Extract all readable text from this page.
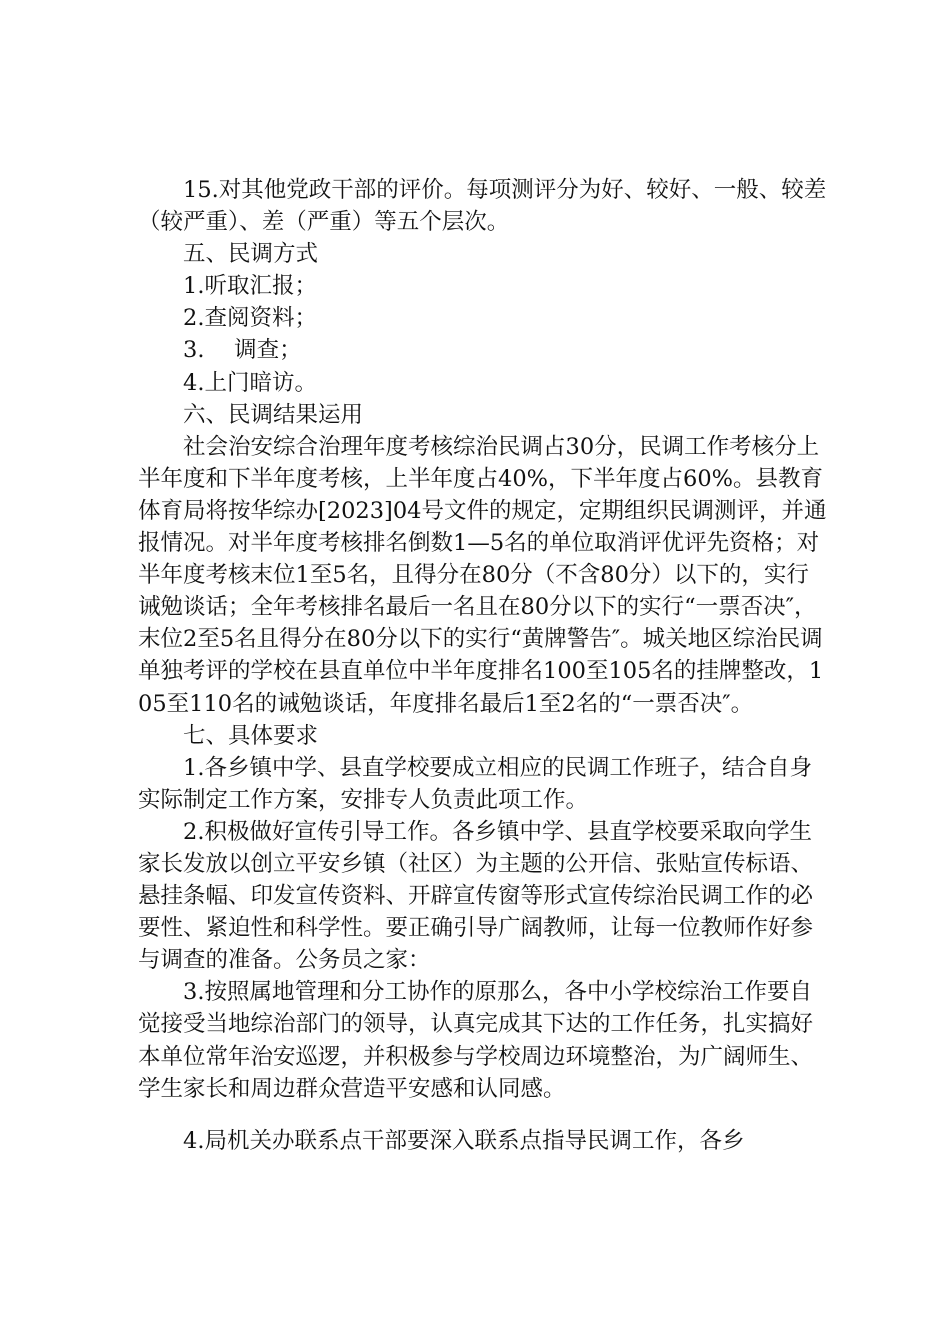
15.对其他党政干部的评价。每项测评分为好、较好、一般、较差（较严重）、差（严重）等五个层次。

五、民调方式

1.听取汇报；

2.查阅资料；

3.　 调查；

4.上门暗访。

六、民调结果运用

社会治安综合治理年度考核综治民调占30分，民调工作考核分上半年度和下半年度考核，上半年度占40%，下半年度占60%。县教育体育局将按华综办[2023]04号文件的规定，定期组织民调测评，并通报情况。对半年度考核排名倒数1—5名的单位取消评优评先资格；对半年度考核末位1至5名，且得分在80分（不含80分）以下的，实行诫勉谈话；全年考核排名最后一名且在80分以下的实行“一票否决″，末位2至5名且得分在80分以下的实行“黄牌警告″。城关地区综治民调单独考评的学校在县直单位中半年度排名100至105名的挂牌整改，105至110名的诫勉谈话，年度排名最后1至2名的“一票否决″。

七、具体要求

1.各乡镇中学、县直学校要成立相应的民调工作班子，结合自身实际制定工作方案，安排专人负责此项工作。

2.积极做好宣传引导工作。各乡镇中学、县直学校要采取向学生家长发放以创立平安乡镇（社区）为主题的公开信、张贴宣传标语、悬挂条幅、印发宣传资料、开辟宣传窗等形式宣传综治民调工作的必要性、紧迫性和科学性。要正确引导广阔教师，让每一位教师作好参与调查的准备。公务员之家：

3.按照属地管理和分工协作的原那么，各中小学校综治工作要自觉接受当地综治部门的领导，认真完成其下达的工作任务，扎实搞好本单位常年治安巡逻，并积极参与学校周边环境整治，为广阔师生、学生家长和周边群众营造平安感和认同感。

4.局机关办联系点干部要深入联系点指导民调工作，各乡
